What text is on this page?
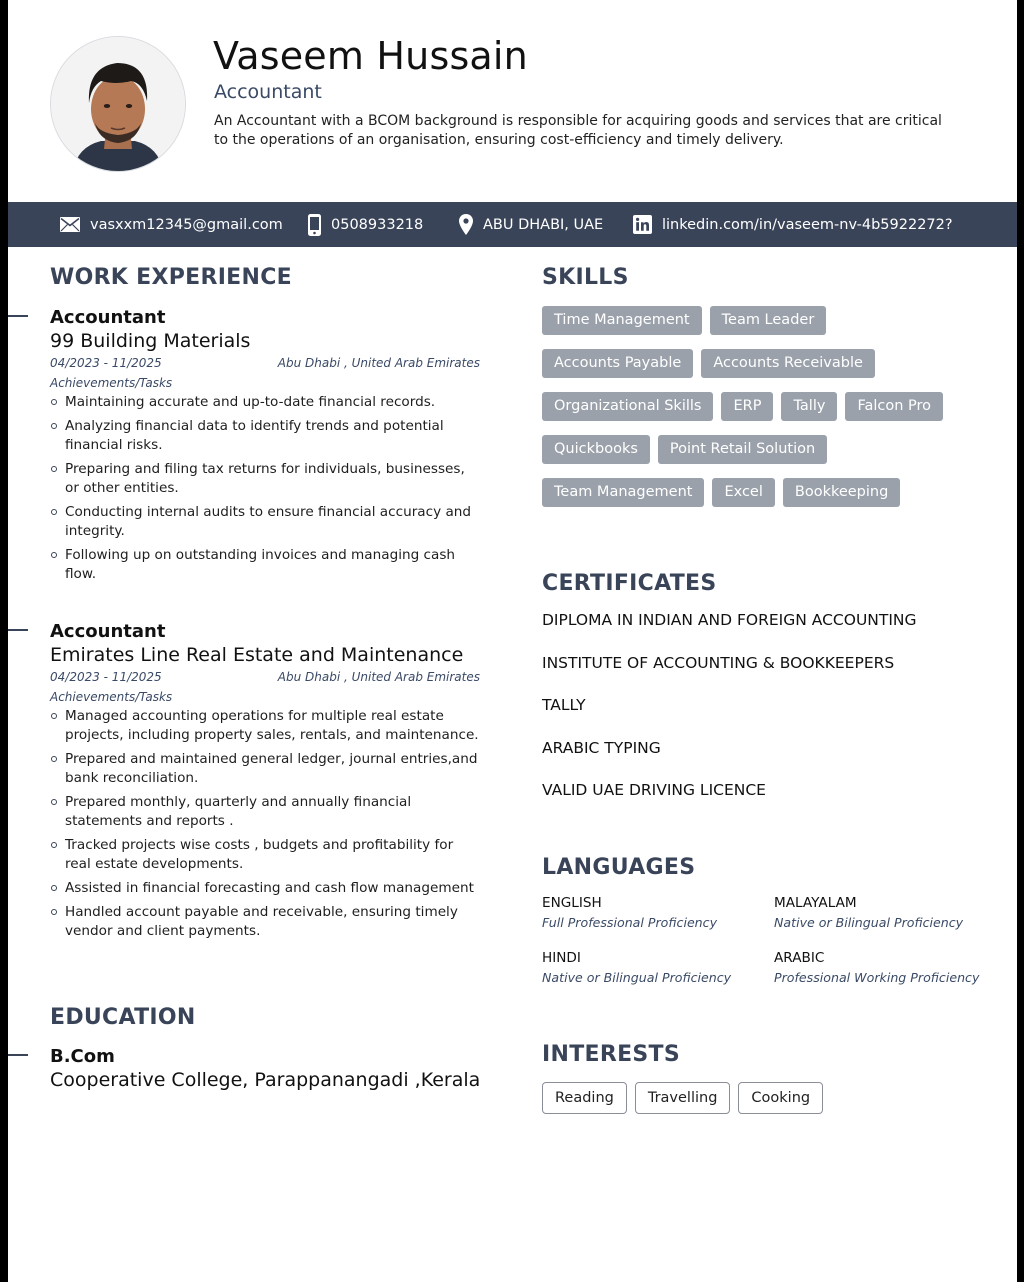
Vaseem Hussain
Accountant
An Accountant with a BCOM background is responsible for acquiring goods and services that are critical to the operations of an organisation, ensuring cost-efficiency and timely delivery.
vasxxm12345@gmail.com	0508933218	ABU DHABI, UAE	linkedin.com/in/vaseem-nv-4b5922272?
WORK EXPERIENCE
Accountant
99 Building Materials
04/2023 - 11/2025	Abu Dhabi , United Arab Emirates
Achievements/Tasks
Maintaining accurate and up-to-date financial records.
Analyzing financial data to identify trends and potential financial risks.
Preparing and filing tax returns for individuals, businesses, or other entities.
Conducting internal audits to ensure financial accuracy and integrity.
Following up on outstanding invoices and managing cash flow.
Accountant
Emirates Line Real Estate and Maintenance
04/2023 - 11/2025	Abu Dhabi , United Arab Emirates
Achievements/Tasks
Managed accounting operations for multiple real estate projects, including property sales, rentals, and maintenance.
Prepared and maintained general ledger, journal entries,and bank reconciliation.
Prepared monthly, quarterly and annually financial statements and reports .
Tracked projects wise costs , budgets and profitability for real estate developments.
Assisted in financial forecasting and cash flow management
Handled account payable and receivable, ensuring timely vendor and client payments.
EDUCATION
B.Com
Cooperative College, Parappanangadi ,Kerala
SKILLS
Time Management	Team Leader
Accounts Payable	Accounts Receivable
Organizational Skills	ERP	Tally	Falcon Pro
Quickbooks	Point Retail Solution
Team Management	Excel	Bookkeeping
CERTIFICATES
DIPLOMA IN INDIAN AND FOREIGN ACCOUNTING
INSTITUTE OF ACCOUNTING & BOOKKEEPERS
TALLY
ARABIC TYPING
VALID UAE DRIVING LICENCE
LANGUAGES
ENGLISH
Full Professional Proficiency
MALAYALAM
Native or Bilingual Proficiency
HINDI
Native or Bilingual Proficiency
ARABIC
Professional Working Proficiency
INTERESTS
Reading	Travelling	Cooking
